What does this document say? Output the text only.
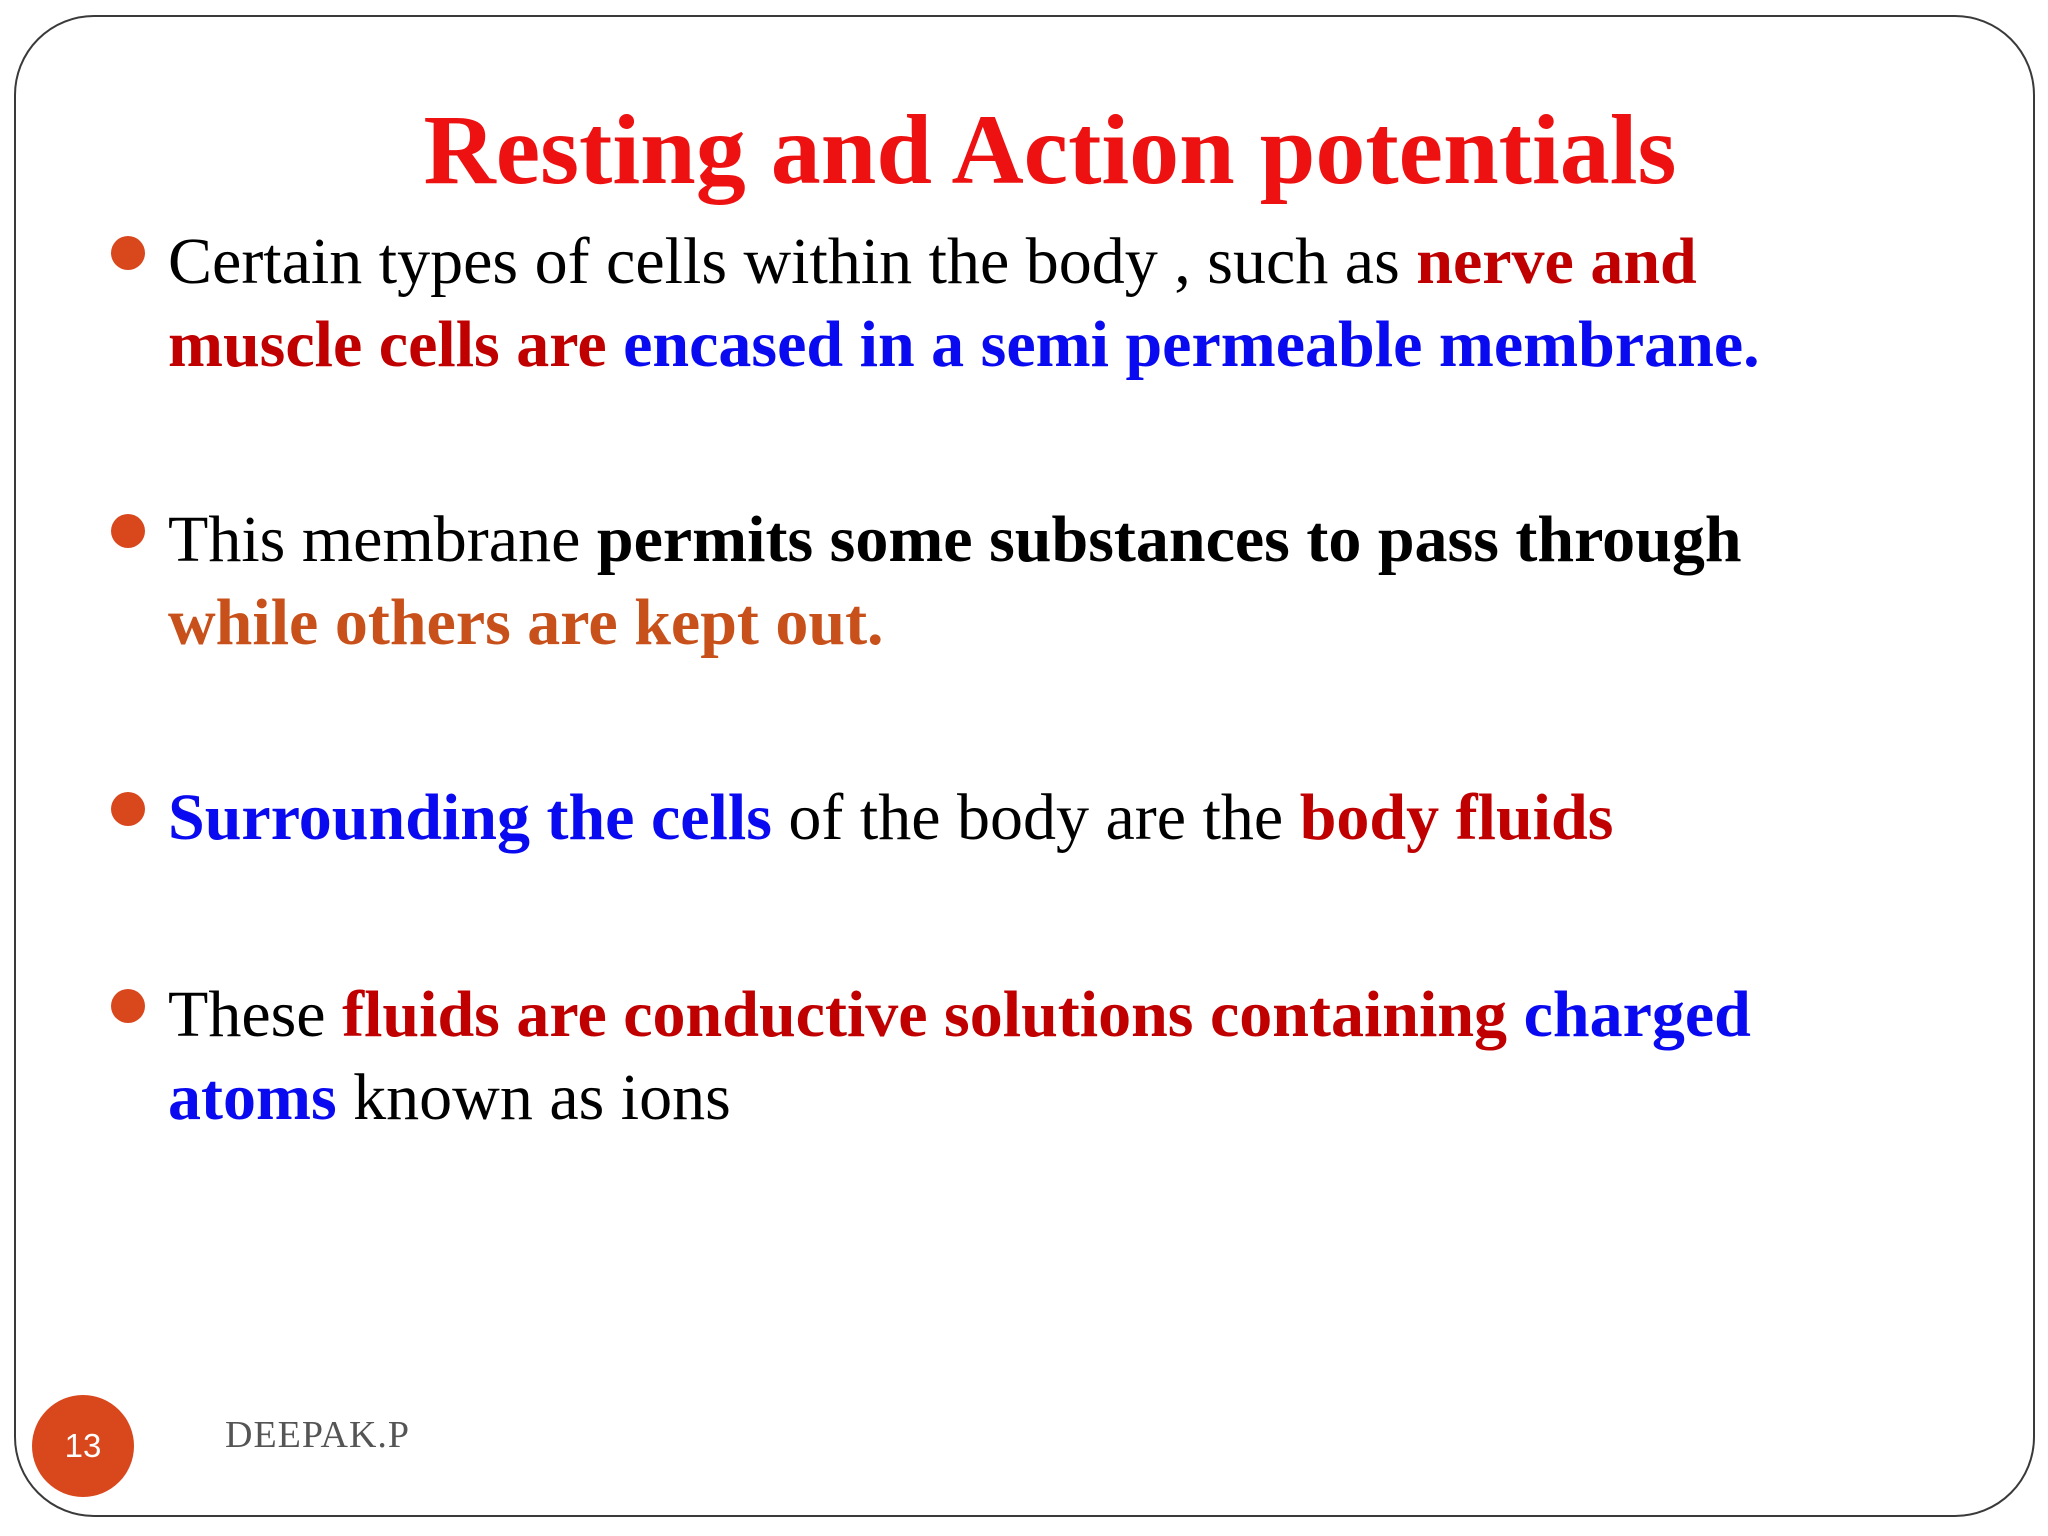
Resting and Action potentials
Certain types of cells within the body , such as nerve and muscle cells are encased in a semi permeable membrane.
This membrane permits some substances to pass through while others are kept out.
Surrounding the cells of the body are the body fluids
These fluids are conductive solutions containing charged atoms known as ions
13	DEEPAK.P
